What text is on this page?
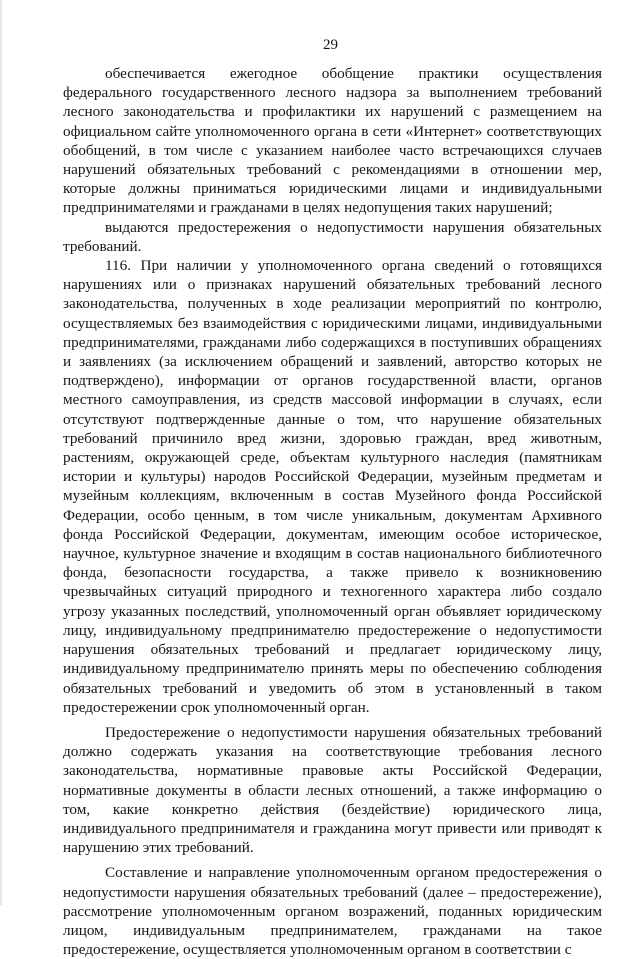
29

обеспечивается ежегодное обобщение практики осуществления федерального государственного лесного надзора за выполнением требований лесного законодательства и профилактики их нарушений с размещением на официальном сайте уполномоченного органа в сети «Интернет» соответствующих обобщений, в том числе с указанием наиболее часто встречающихся случаев нарушений обязательных требований с рекомендациями в отношении мер, которые должны приниматься юридическими лицами и индивидуальными предпринимателями и гражданами в целях недопущения таких нарушений;

выдаются предостережения о недопустимости нарушения обязательных требований.

116. При наличии у уполномоченного органа сведений о готовящихся нарушениях или о признаках нарушений обязательных требований лесного законодательства, полученных в ходе реализации мероприятий по контролю, осуществляемых без взаимодействия с юридическими лицами, индивидуальными предпринимателями, гражданами либо содержащихся в поступивших обращениях и заявлениях (за исключением обращений и заявлений, авторство которых не подтверждено), информации от органов государственной власти, органов местного самоуправления, из средств массовой информации в случаях, если отсутствуют подтвержденные данные о том, что нарушение обязательных требований причинило вред жизни, здоровью граждан, вред животным, растениям, окружающей среде, объектам культурного наследия (памятникам истории и культуры) народов Российской Федерации, музейным предметам и музейным коллекциям, включенным в состав Музейного фонда Российской Федерации, особо ценным, в том числе уникальным, документам Архивного фонда Российской Федерации, документам, имеющим особое историческое, научное, культурное значение и входящим в состав национального библиотечного фонда, безопасности государства, а также привело к возникновению чрезвычайных ситуаций природного и техногенного характера либо создало угрозу указанных последствий, уполномоченный орган объявляет юридическому лицу, индивидуальному предпринимателю предостережение о недопустимости нарушения обязательных требований и предлагает юридическому лицу, индивидуальному предпринимателю принять меры по обеспечению соблюдения обязательных требований и уведомить об этом в установленный в таком предостережении срок уполномоченный орган.

Предостережение о недопустимости нарушения обязательных требований должно содержать указания на соответствующие требования лесного законодательства, нормативные правовые акты Российской Федерации, нормативные документы в области лесных отношений, а также информацию о том, какие конкретно действия (бездействие) юридического лица, индивидуального предпринимателя и гражданина могут привести или приводят к нарушению этих требований.

Составление и направление уполномоченным органом предостережения о недопустимости нарушения обязательных требований (далее – предостережение), рассмотрение уполномоченным органом возражений, поданных юридическим лицом, индивидуальным предпринимателем, гражданами на такое предостережение, осуществляется уполномоченным органом в соответствии с
